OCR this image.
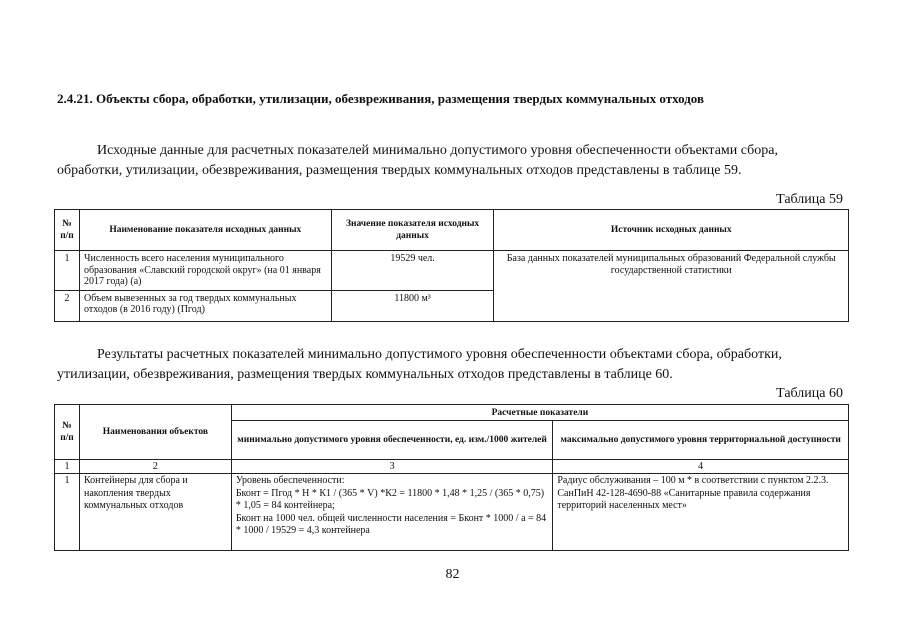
2.4.21. Объекты сбора, обработки, утилизации, обезвреживания, размещения твердых коммунальных отходов
Исходные данные для расчетных показателей минимально допустимого уровня обеспеченности объектами сбора, обработки, утилизации, обезвреживания, размещения твердых коммунальных отходов представлены в таблице 59.
Таблица 59
№ п/п	Наименование показателя исходных данных	Значение показателя исходных данных	Источник исходных данных
1	Численность всего населения муниципального образования «Славский городской округ» (на 01 января 2017 года) (а)	19529 чел.	База данных показателей муниципальных образований Федеральной службы государственной статистики
2	Объем вывезенных за год твердых коммунальных отходов (в 2016 году) (Пгод)	11800 м³	
Результаты расчетных показателей минимально допустимого уровня обеспеченности объектами сбора, обработки, утилизации, обезвреживания, размещения твердых коммунальных отходов представлены в таблице 60.
Таблица 60
№ п/п	Наименования объектов	Расчетные показатели	
		минимально допустимого уровня обеспеченности, ед. изм./1000 жителей	максимально допустимого уровня территориальной доступности
1	2	3	4
1	Контейнеры для сбора и накопления твердых коммунальных отходов	Уровень обеспеченности:
Бконт = Пгод * Н * К1 / (365 * V) *К2 = 11800 * 1,48 * 1,25 / (365 * 0,75) * 1,05 = 84 контейнера;
Бконт на 1000 чел. общей численности населения = Бконт * 1000 / а = 84 * 1000 / 19529 = 4,3 контейнера	Радиус обслуживания – 100 м * в соответствии с пунктом 2.2.3. СанПиН 42-128-4690-88 «Санитарные правила содержания территорий населенных мест»
82
